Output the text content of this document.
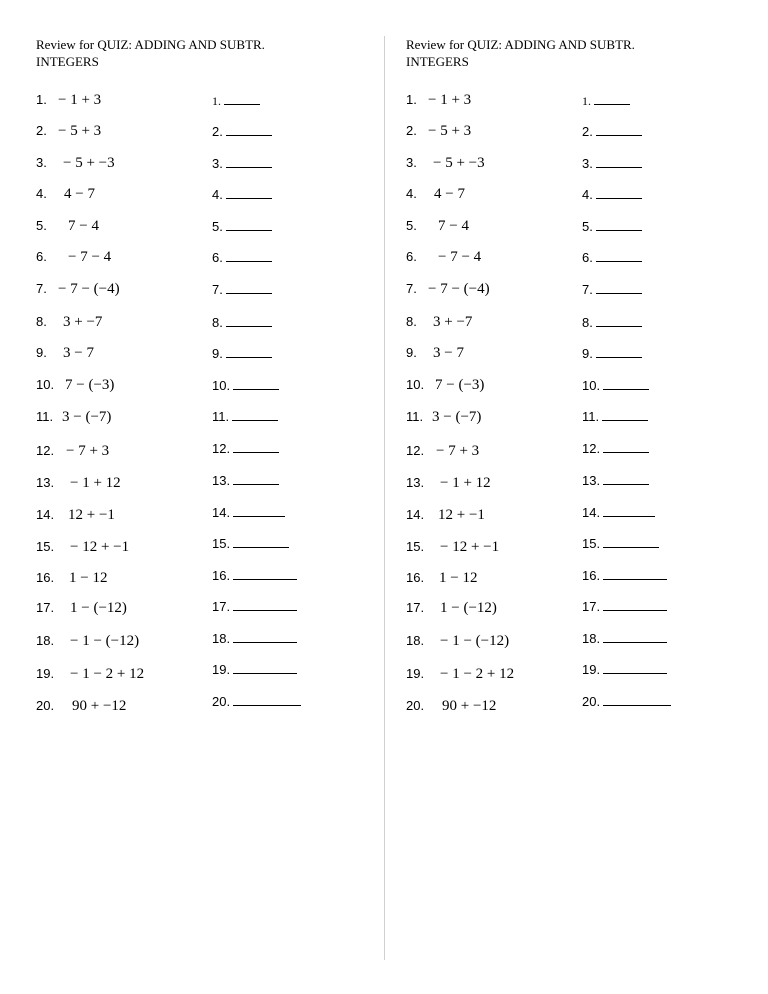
Review for QUIZ: ADDING AND SUBTR.
INTEGERS
1. − 1 + 3
2. − 5 + 3
3. − 5 + −3
4. 4 − 7
5. 7 − 4
6. − 7 − 4
7. − 7 − (−4)
8. 3 + −7
9. 3 − 7
10. 7 − (−3)
11. 3 − (−7)
12. − 7 + 3
13. − 1 + 12
14. 12 + −1
15. − 12 + −1
16. 1 − 12
17. 1 − (−12)
18. − 1 − (−12)
19. − 1 − 2 + 12
20. 90 + −12
1.
2.
3.
4.
5.
6.
7.
8.
9.
10.
11.
12.
13.
14.
15.
16.
17.
18.
19.
20.
Review for QUIZ: ADDING AND SUBTR.
INTEGERS
1. − 1 + 3
2. − 5 + 3
3. − 5 + −3
4. 4 − 7
5. 7 − 4
6. − 7 − 4
7. − 7 − (−4)
8. 3 + −7
9. 3 − 7
10. 7 − (−3)
11. 3 − (−7)
12. − 7 + 3
13. − 1 + 12
14. 12 + −1
15. − 12 + −1
16. 1 − 12
17. 1 − (−12)
18. − 1 − (−12)
19. − 1 − 2 + 12
20. 90 + −12
1.
2.
3.
4.
5.
6.
7.
8.
9.
10.
11.
12.
13.
14.
15.
16.
17.
18.
19.
20.
